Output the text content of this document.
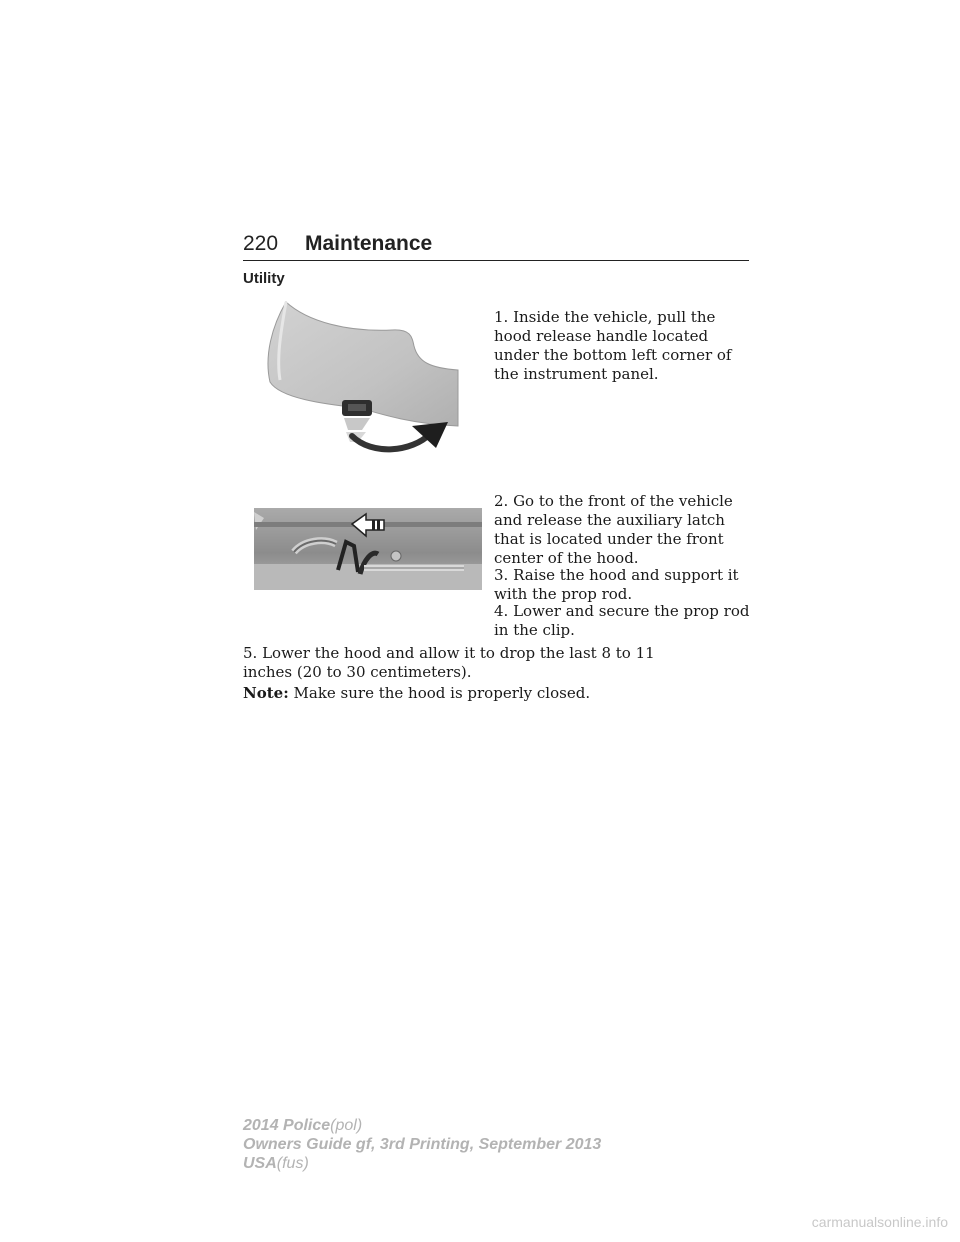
220 Maintenance
Utility

1. Inside the vehicle, pull the hood release handle located under the bottom left corner of the instrument panel.

2. Go to the front of the vehicle and release the auxiliary latch that is located under the front center of the hood.

3. Raise the hood and support it with the prop rod.

4. Lower and secure the prop rod in the clip.

5. Lower the hood and allow it to drop the last 8 to 11 inches (20 to 30 centimeters).

Note: Make sure the hood is properly closed.

2014 Police(pol)
Owners Guide gf, 3rd Printing, September 2013
USA(fus)
carmanualsonline.info
